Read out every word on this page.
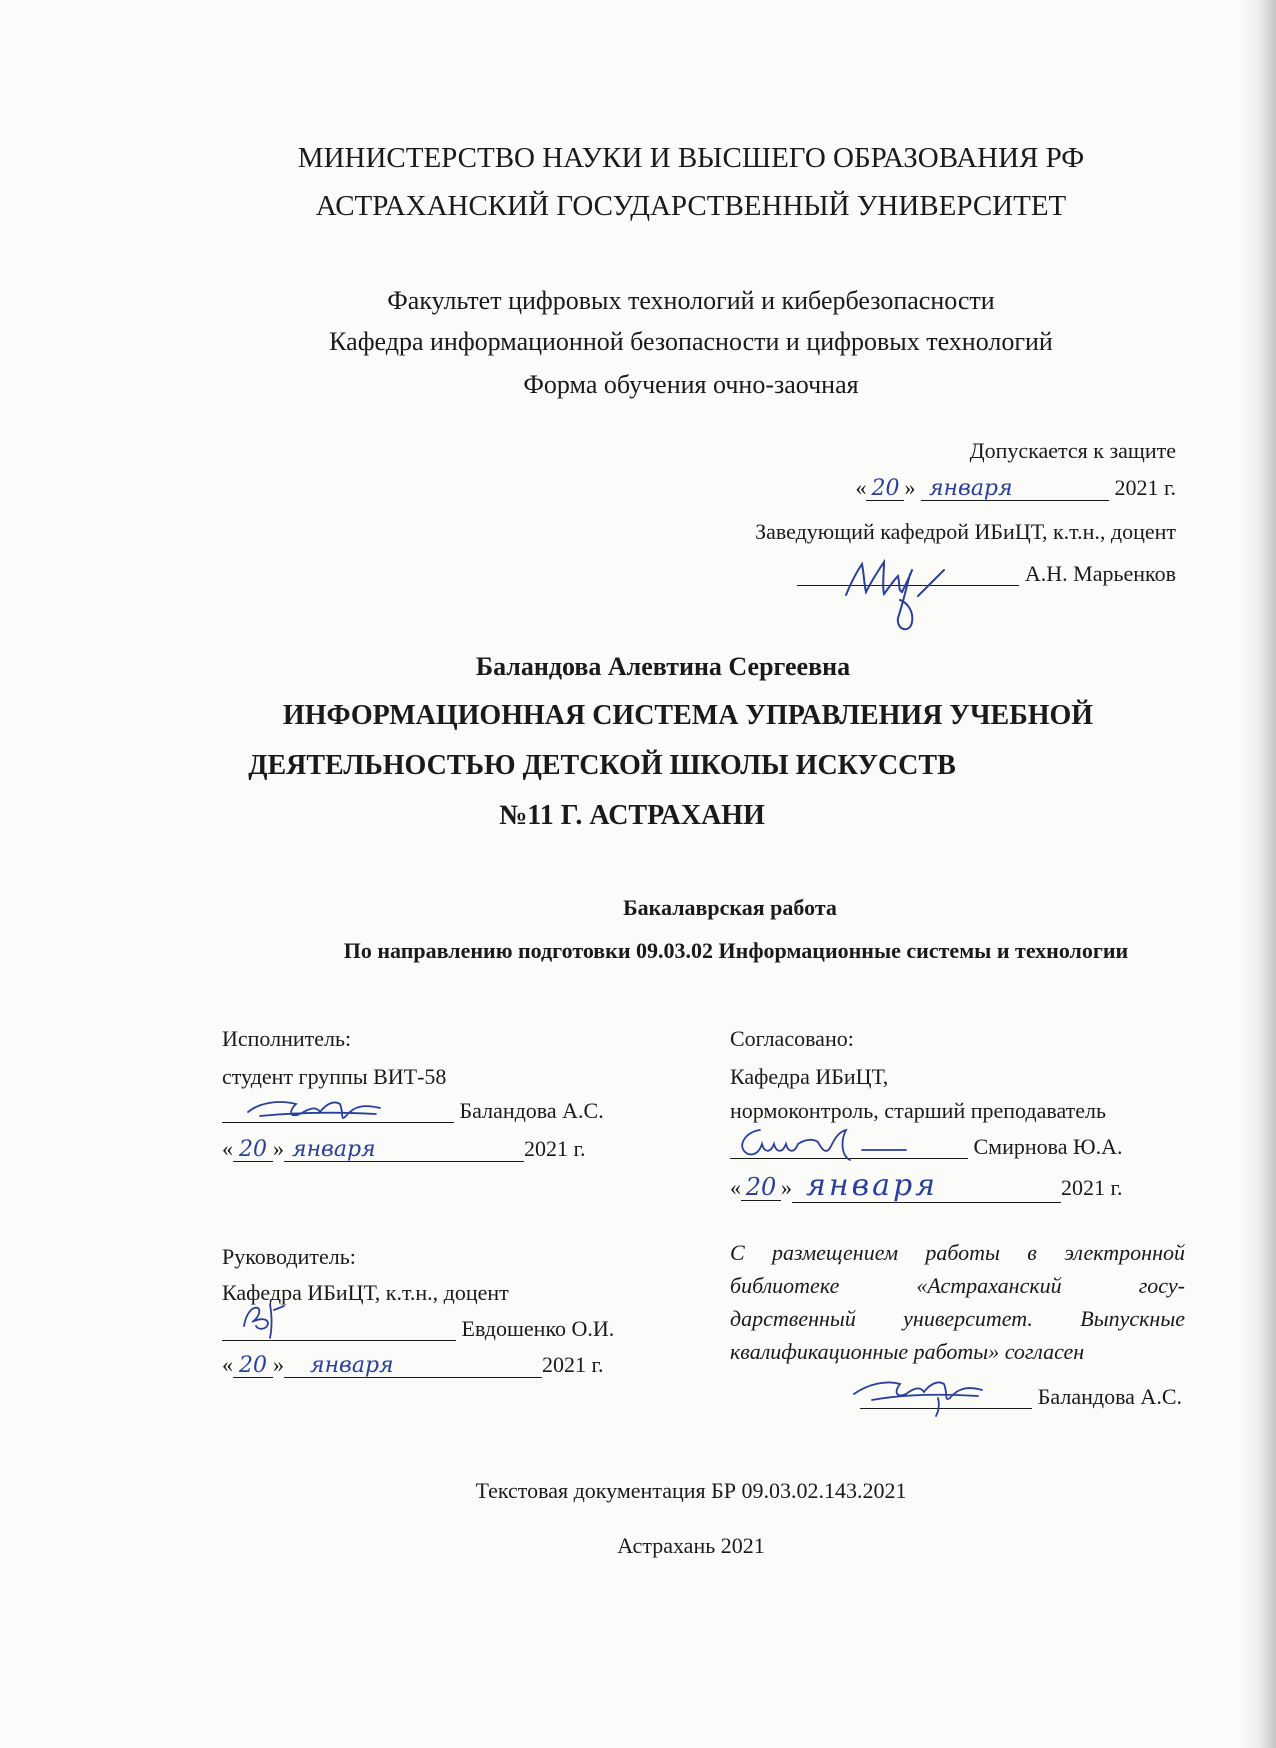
МИНИСТЕРСТВО НАУКИ И ВЫСШЕГО ОБРАЗОВАНИЯ РФ
АСТРАХАНСКИЙ ГОСУДАРСТВЕННЫЙ УНИВЕРСИТЕТ
Факультет цифровых технологий и кибербезопасности
Кафедра информационной безопасности и цифровых технологий
Форма обучения очно-заочная
Допускается к защите
« 20 » января	2021 г.
Заведующий кафедрой ИБиЦТ, к.т.н., доцент
А.Н. Марьенков
Баландова Алевтина Сергеевна
ИНФОРМАЦИОННАЯ СИСТЕМА УПРАВЛЕНИЯ УЧЕБНОЙ
ДЕЯТЕЛЬНОСТЬЮ ДЕТСКОЙ ШКОЛЫ ИСКУССТВ
№11 Г. АСТРАХАНИ
Бакалаврская работа
По направлению подготовки 09.03.02 Информационные системы и технологии
Исполнитель:
студент группы ВИТ-58
Баландова А.С.
« 20 » января	2021 г.
Согласовано:
Кафедра ИБиЦТ,
нормоконтроль, старший преподаватель
Смирнова Ю.А.
« 20 » января	2021 г.
Руководитель:
Кафедра ИБиЦТ, к.т.н., доцент
Евдошенко О.И.
« 20 » января	2021 г.
С размещением работы в электронной
библиотеке «Астраханский госу-
дарственный университет. Выпускные
квалификационные работы» согласен
Баландова А.С.
Текстовая документация БР 09.03.02.143.2021
Астрахань 2021
